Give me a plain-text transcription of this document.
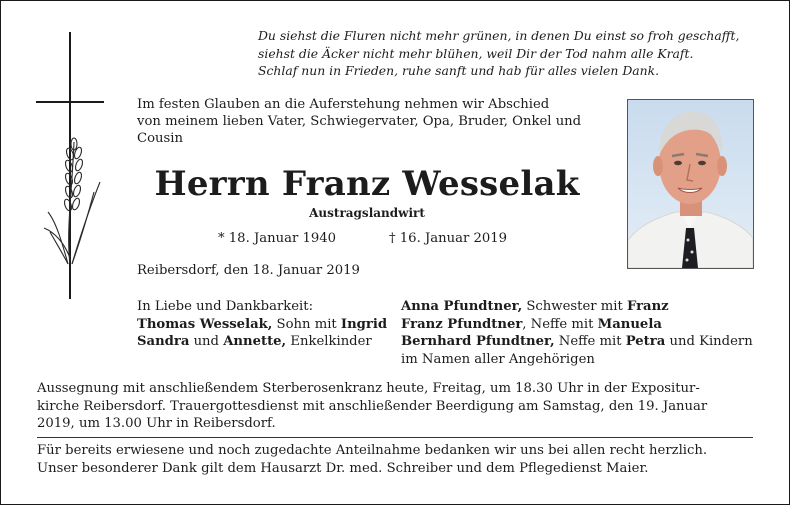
Du siehst die Fluren nicht mehr grünen, in denen Du einst so froh geschafft,
siehst die Äcker nicht mehr blühen, weil Dir der Tod nahm alle Kraft.
Schlaf nun in Frieden, ruhe sanft und hab für alles vielen Dank.
Im festen Glauben an die Auferstehung nehmen wir Abschied
von meinem lieben Vater, Schwiegervater, Opa, Bruder, Onkel und
Cousin
Herrn Franz Wesselak
Austragslandwirt
* 18. Januar 1940	† 16. Januar 2019
Reibersdorf, den 18. Januar 2019
In Liebe und Dankbarkeit:
Thomas Wesselak, Sohn mit Ingrid
Sandra und Annette, Enkelkinder
Anna Pfundtner, Schwester mit Franz
Franz Pfundtner, Neffe mit Manuela
Bernhard Pfundtner, Neffe mit Petra und Kindern
im Namen aller Angehörigen
Aussegnung mit anschließendem Sterberosenkranz heute, Freitag, um 18.30 Uhr in der Expositur-
kirche Reibersdorf. Trauergottesdienst mit anschließender Beerdigung am Samstag, den 19. Januar
2019, um 13.00 Uhr in Reibersdorf.
Für bereits erwiesene und noch zugedachte Anteilnahme bedanken wir uns bei allen recht herzlich.
Unser besonderer Dank gilt dem Hausarzt Dr. med. Schreiber und dem Pflegedienst Maier.
